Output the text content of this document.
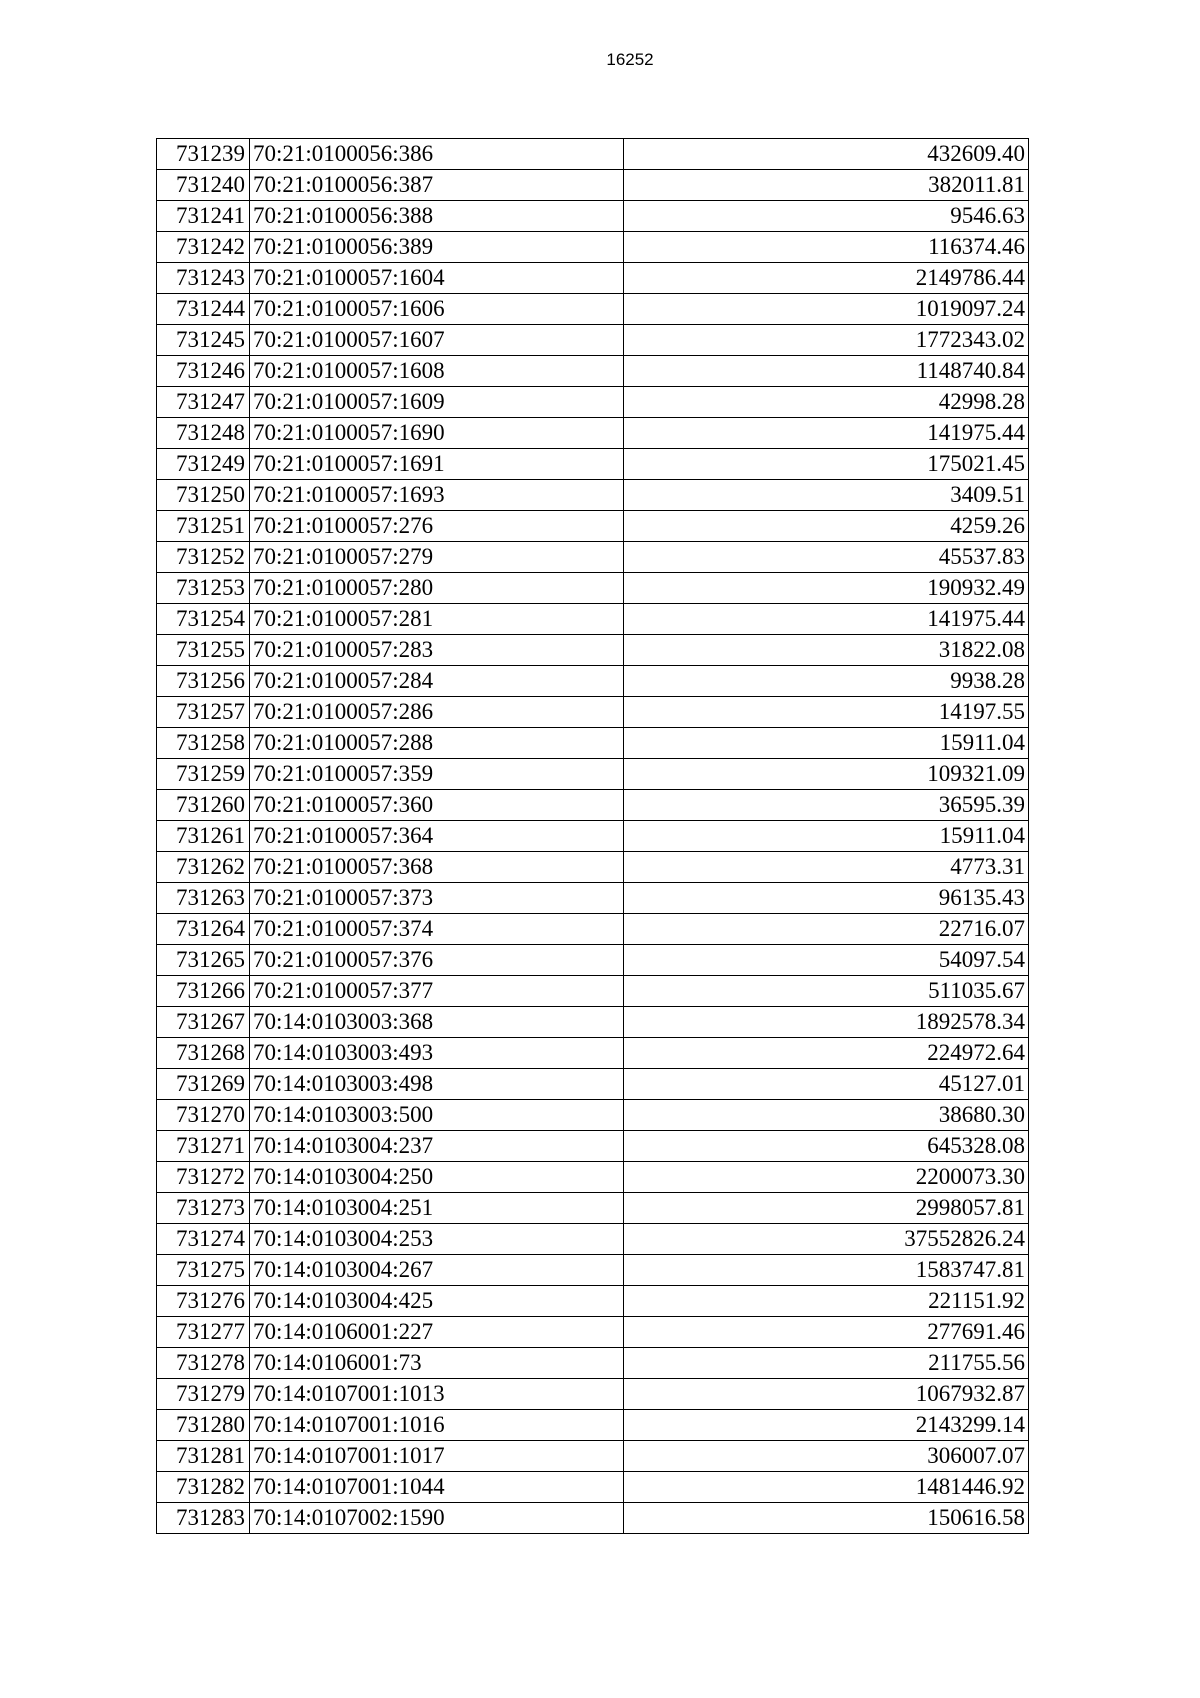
16252
731239	70:21:0100056:386	432609.40
731240	70:21:0100056:387	382011.81
731241	70:21:0100056:388	9546.63
731242	70:21:0100056:389	116374.46
731243	70:21:0100057:1604	2149786.44
731244	70:21:0100057:1606	1019097.24
731245	70:21:0100057:1607	1772343.02
731246	70:21:0100057:1608	1148740.84
731247	70:21:0100057:1609	42998.28
731248	70:21:0100057:1690	141975.44
731249	70:21:0100057:1691	175021.45
731250	70:21:0100057:1693	3409.51
731251	70:21:0100057:276	4259.26
731252	70:21:0100057:279	45537.83
731253	70:21:0100057:280	190932.49
731254	70:21:0100057:281	141975.44
731255	70:21:0100057:283	31822.08
731256	70:21:0100057:284	9938.28
731257	70:21:0100057:286	14197.55
731258	70:21:0100057:288	15911.04
731259	70:21:0100057:359	109321.09
731260	70:21:0100057:360	36595.39
731261	70:21:0100057:364	15911.04
731262	70:21:0100057:368	4773.31
731263	70:21:0100057:373	96135.43
731264	70:21:0100057:374	22716.07
731265	70:21:0100057:376	54097.54
731266	70:21:0100057:377	511035.67
731267	70:14:0103003:368	1892578.34
731268	70:14:0103003:493	224972.64
731269	70:14:0103003:498	45127.01
731270	70:14:0103003:500	38680.30
731271	70:14:0103004:237	645328.08
731272	70:14:0103004:250	2200073.30
731273	70:14:0103004:251	2998057.81
731274	70:14:0103004:253	37552826.24
731275	70:14:0103004:267	1583747.81
731276	70:14:0103004:425	221151.92
731277	70:14:0106001:227	277691.46
731278	70:14:0106001:73	211755.56
731279	70:14:0107001:1013	1067932.87
731280	70:14:0107001:1016	2143299.14
731281	70:14:0107001:1017	306007.07
731282	70:14:0107001:1044	1481446.92
731283	70:14:0107002:1590	150616.58
